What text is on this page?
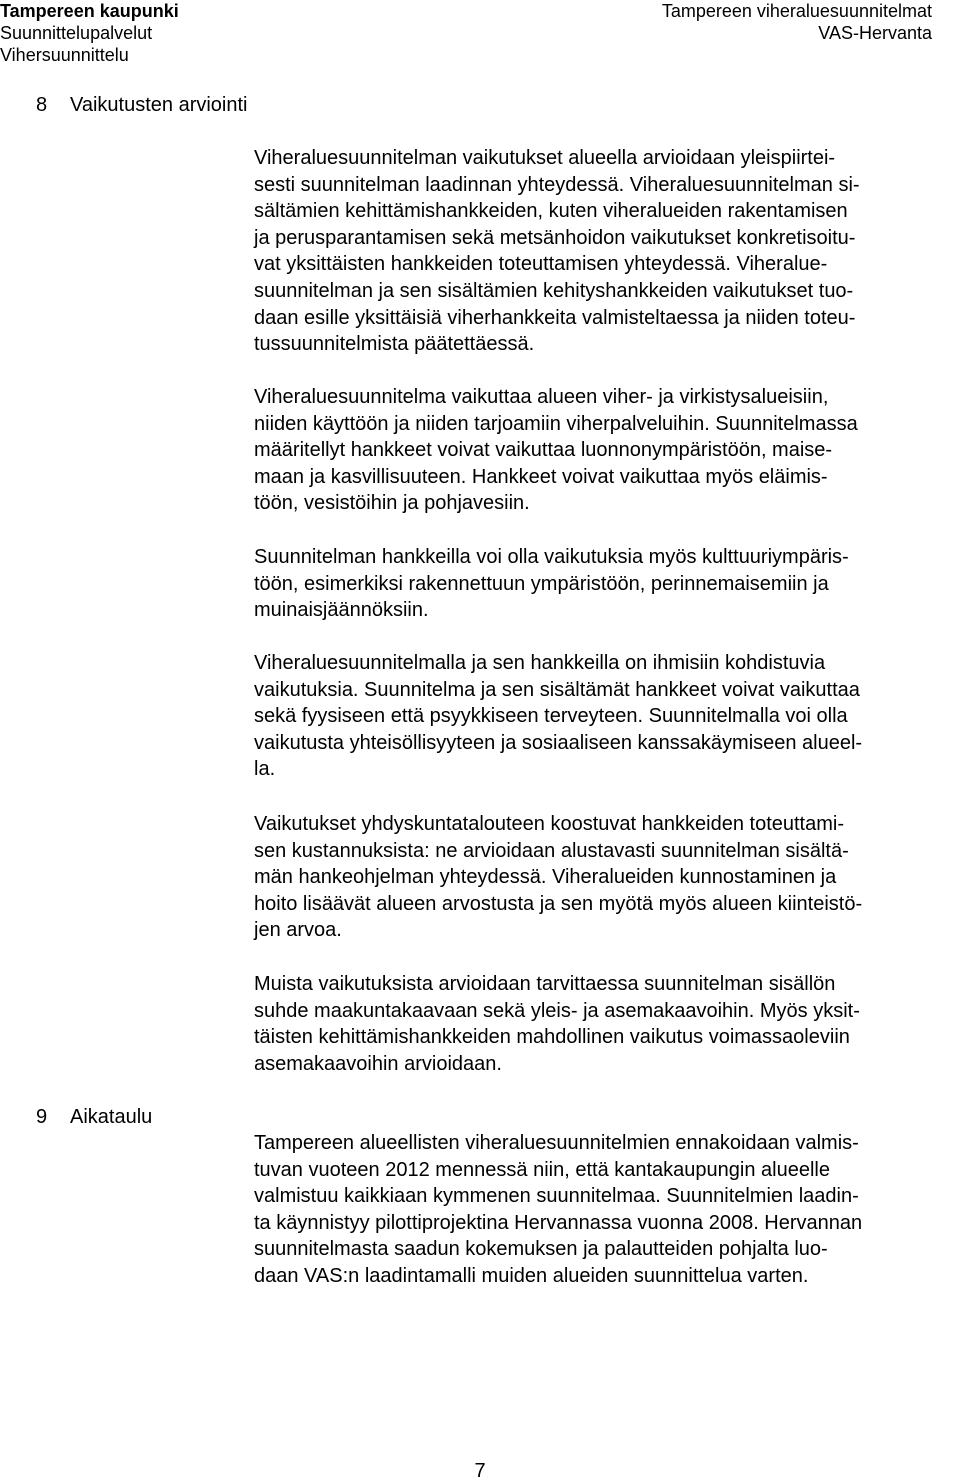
Tampereen kaupunki
Suunnittelupalvelut
Vihersuunnittelu
Tampereen viheraluesuunnitelmat
VAS-Hervanta
8 Vaikutusten arviointi
Viheraluesuunnitelman vaikutukset alueella arvioidaan yleispiirtei-
sesti suunnitelman laadinnan yhteydessä. Viheraluesuunnitelman si-
sältämien kehittämishankkeiden, kuten viheralueiden rakentamisen
ja perusparantamisen sekä metsänhoidon vaikutukset konkretisoitu-
vat yksittäisten hankkeiden toteuttamisen yhteydessä. Viheralue-
suunnitelman ja sen sisältämien kehityshankkeiden vaikutukset tuo-
daan esille yksittäisiä viherhankkeita valmisteltaessa ja niiden toteu-
tussuunnitelmista päätettäessä.
Viheraluesuunnitelma vaikuttaa alueen viher- ja virkistysalueisiin,
niiden käyttöön ja niiden tarjoamiin viherpalveluihin. Suunnitelmassa
määritellyt hankkeet voivat vaikuttaa luonnonympäristöön, maise-
maan ja kasvillisuuteen. Hankkeet voivat vaikuttaa myös eläimis-
töön, vesistöihin ja pohjavesiin.
Suunnitelman hankkeilla voi olla vaikutuksia myös kulttuuriympäris-
töön, esimerkiksi rakennettuun ympäristöön, perinnemaisemiin ja
muinaisjäännöksiin.
Viheraluesuunnitelmalla ja sen hankkeilla on ihmisiin kohdistuvia
vaikutuksia. Suunnitelma ja sen sisältämät hankkeet voivat vaikuttaa
sekä fyysiseen että psyykkiseen terveyteen. Suunnitelmalla voi olla
vaikutusta yhteisöllisyyteen ja sosiaaliseen kanssakäymiseen alueel-
la.
Vaikutukset yhdyskuntatalouteen koostuvat hankkeiden toteuttami-
sen kustannuksista: ne arvioidaan alustavasti suunnitelman sisältä-
män hankeohjelman yhteydessä. Viheralueiden kunnostaminen ja
hoito lisäävät alueen arvostusta ja sen myötä myös alueen kiinteistö-
jen arvoa.
Muista vaikutuksista arvioidaan tarvittaessa suunnitelman sisällön
suhde maakuntakaavaan sekä yleis- ja asemakaavoihin. Myös yksit-
täisten kehittämishankkeiden mahdollinen vaikutus voimassaoleviin
asemakaavoihin arvioidaan.
9 Aikataulu
Tampereen alueellisten viheraluesuunnitelmien ennakoidaan valmis-
tuvan vuoteen 2012 mennessä niin, että kantakaupungin alueelle
valmistuu kaikkiaan kymmenen suunnitelmaa. Suunnitelmien laadin-
ta käynnistyy pilottiprojektina Hervannassa vuonna 2008. Hervannan
suunnitelmasta saadun kokemuksen ja palautteiden pohjalta luo-
daan VAS:n laadintamalli muiden alueiden suunnittelua varten.
7
